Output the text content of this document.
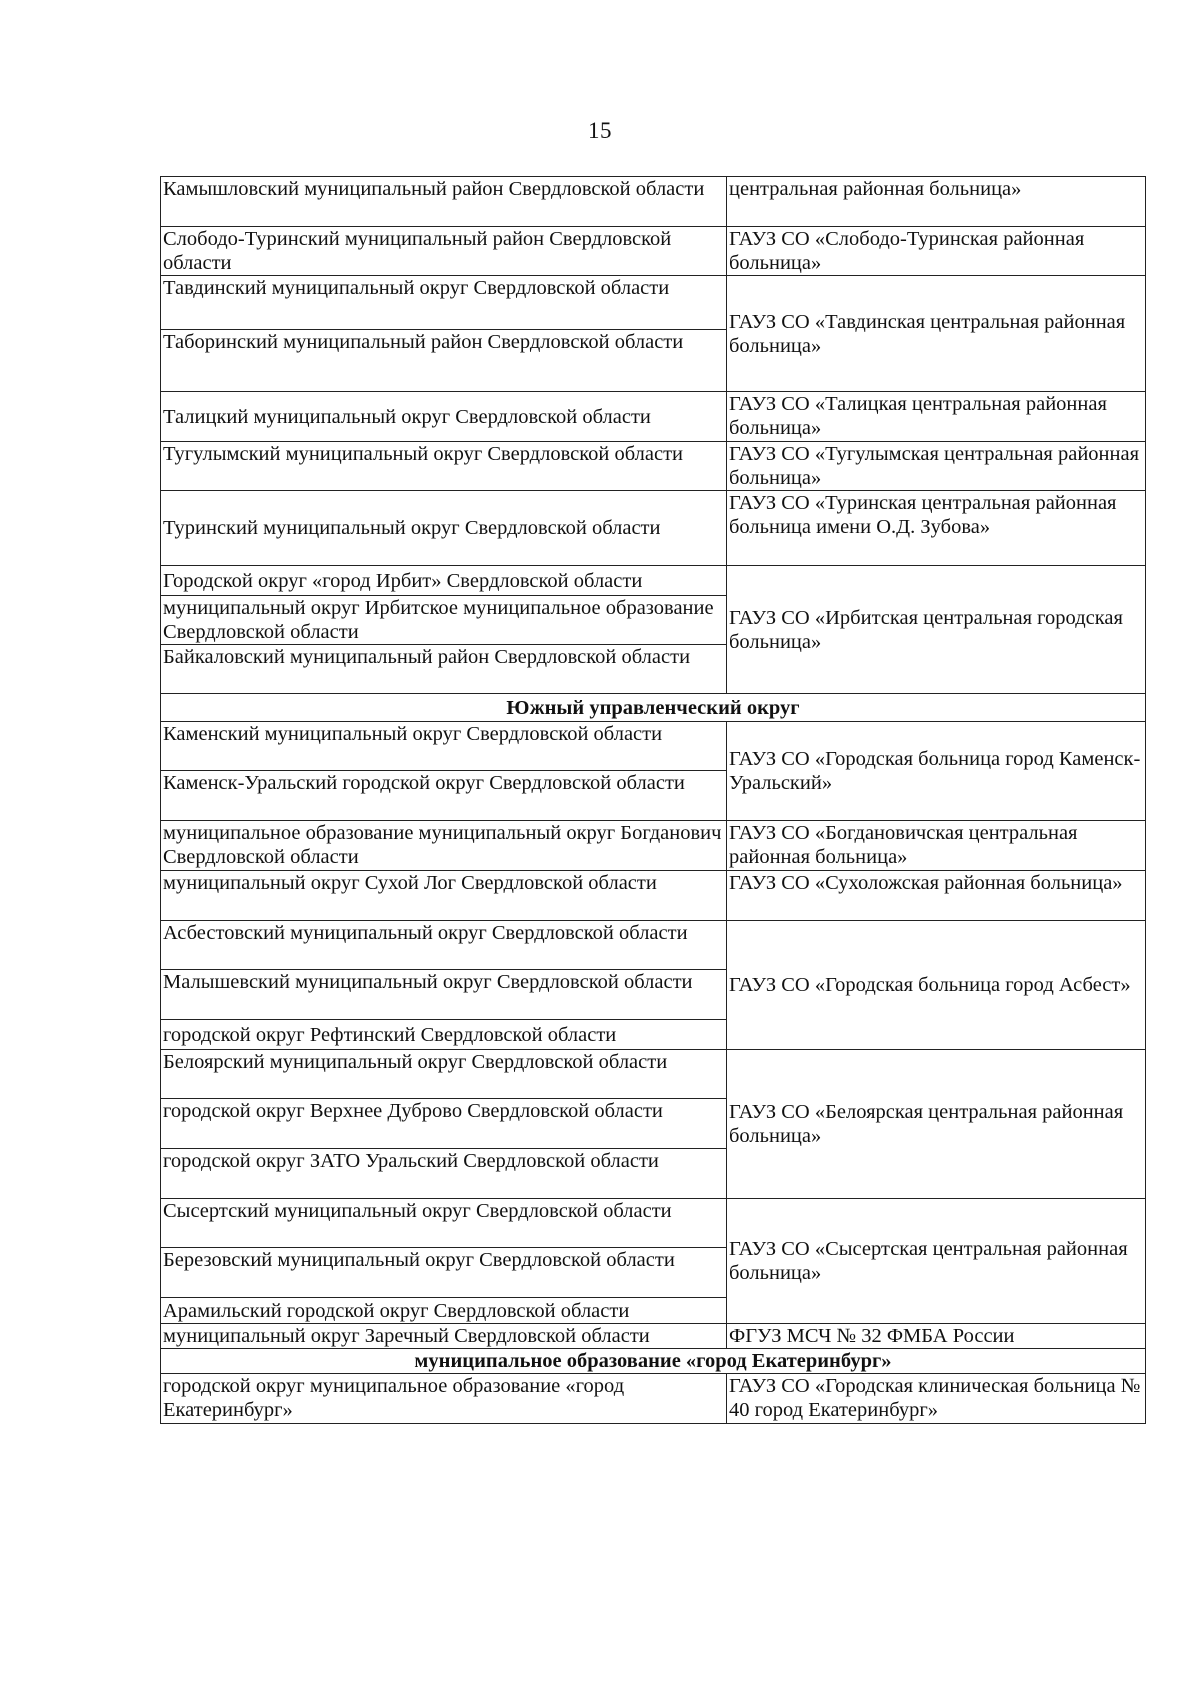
15
Камышловский муниципальный район Свердловской области	центральная районная больница»
Слободо-Туринский муниципальный район Свердловской области	ГАУЗ СО «Слободо-Туринская районная больница»
Тавдинский муниципальный округ Свердловской области	ГАУЗ СО «Тавдинская центральная районная больница»
Таборинский муниципальный район Свердловской области	
Талицкий муниципальный округ Свердловской области	ГАУЗ СО «Талицкая центральная районная больница»
Тугулымский муниципальный округ Свердловской области	ГАУЗ СО «Тугулымская центральная районная больница»
Туринский муниципальный округ Свердловской области	ГАУЗ СО «Туринская центральная районная больница имени О.Д. Зубова»
Городской округ «город Ирбит» Свердловской области	ГАУЗ СО «Ирбитская центральная городская больница»
муниципальный округ Ирбитское муниципальное образование Свердловской области	
Байкаловский муниципальный район Свердловской области	
Южный управленческий округ	
Каменский муниципальный округ Свердловской области	ГАУЗ СО «Городская больница город Каменск-Уральский»
Каменск-Уральский городской округ Свердловской области	
муниципальное образование муниципальный округ Богданович Свердловской области	ГАУЗ СО «Богдановичская центральная районная больница»
муниципальный округ Сухой Лог Свердловской области	ГАУЗ СО «Сухоложская районная больница»
Асбестовский муниципальный округ Свердловской области	ГАУЗ СО «Городская больница город Асбест»
Малышевский муниципальный округ Свердловской области	
городской округ Рефтинский Свердловской области	
Белоярский муниципальный округ Свердловской области	ГАУЗ СО «Белоярская центральная районная больница»
городской округ Верхнее Дуброво Свердловской области	
городской округ ЗАТО Уральский Свердловской области	
Сысертский муниципальный округ Свердловской области	ГАУЗ СО «Сысертская центральная районная больница»
Березовский муниципальный округ Свердловской области	
Арамильский городской округ Свердловской области	
муниципальный округ Заречный Свердловской области	ФГУЗ МСЧ № 32 ФМБА России
муниципальное образование «город Екатеринбург»	
городской округ муниципальное образование «город Екатеринбург»	ГАУЗ СО «Городская клиническая больница № 40 город Екатеринбург»
